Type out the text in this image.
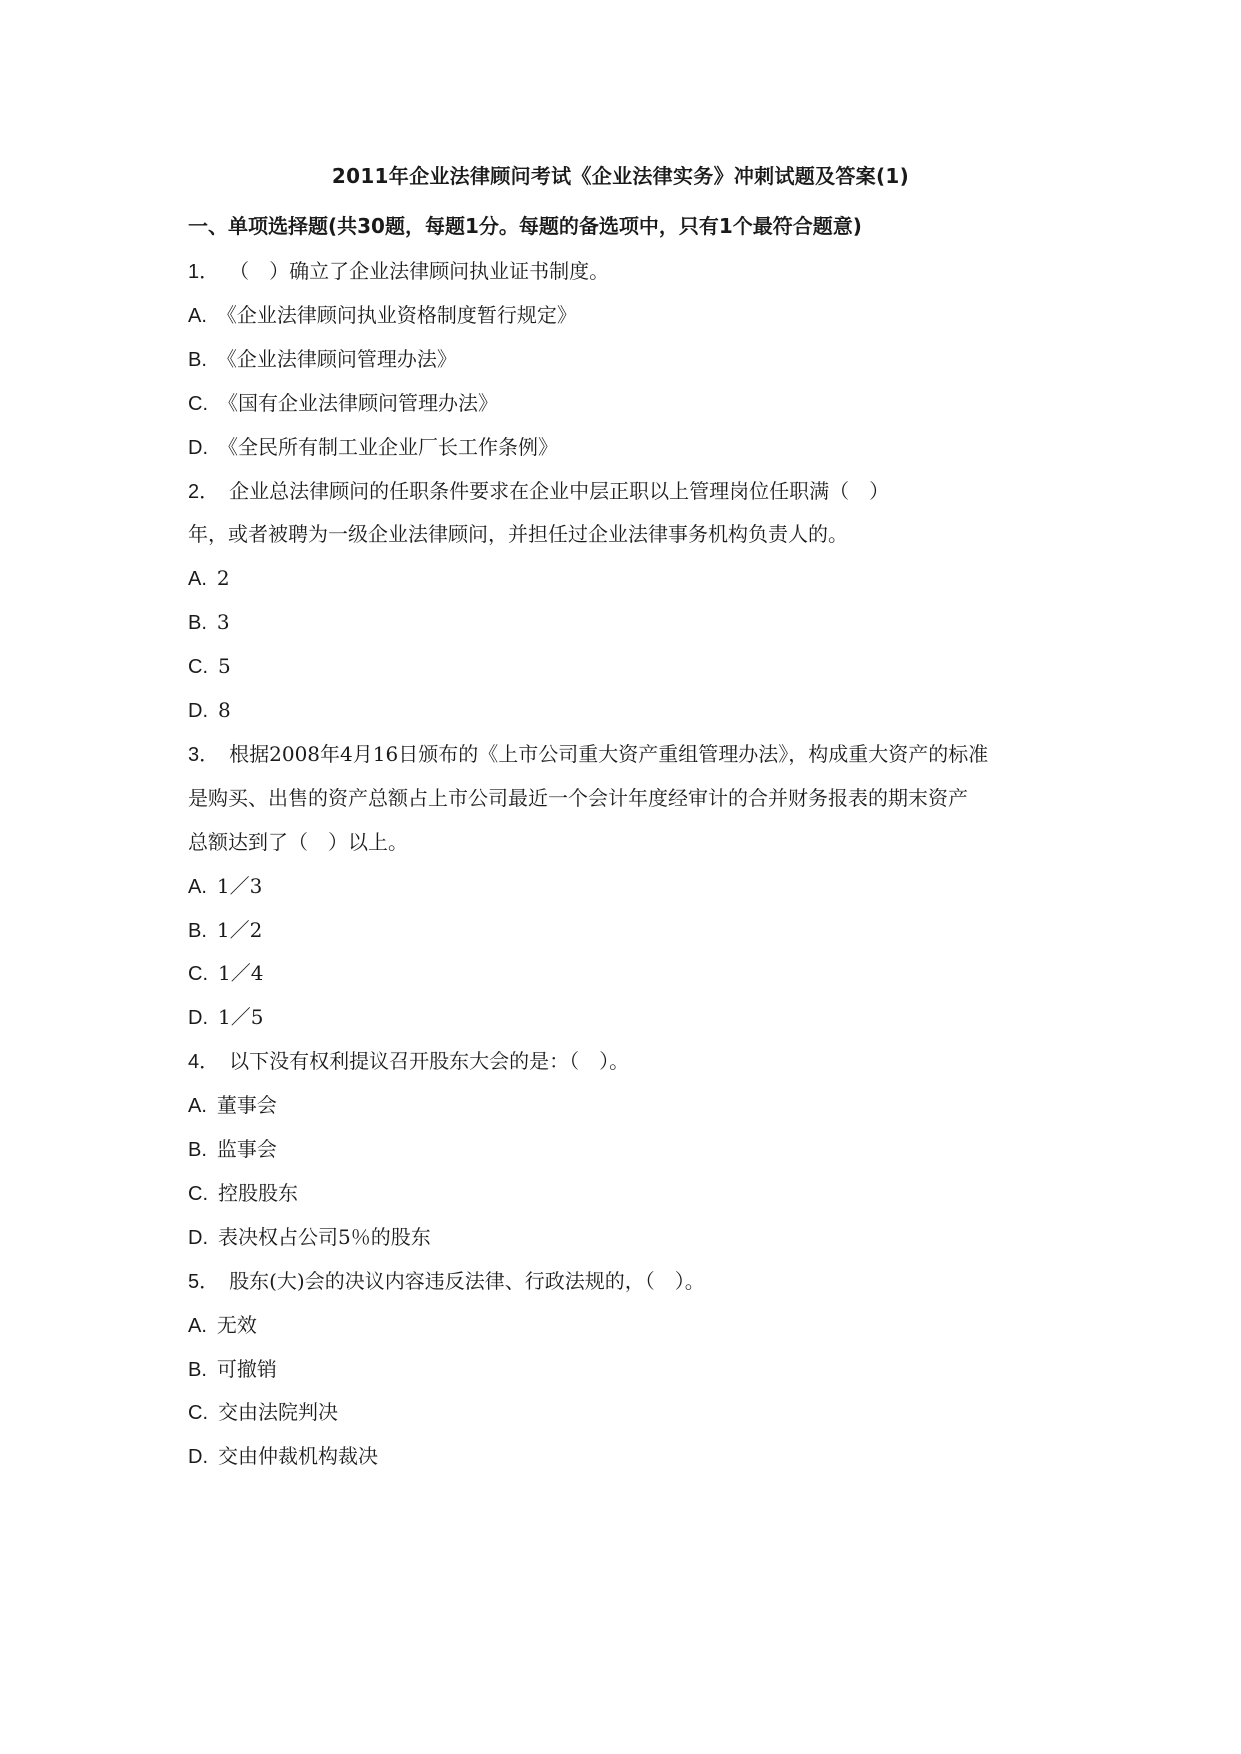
2011年企业法律顾问考试《企业法律实务》冲刺试题及答案(1)
一、单项选择题(共30题，每题1分。每题的备选项中，只有1个最符合题意)
1． （　）确立了企业法律顾问执业证书制度。
A. 《企业法律顾问执业资格制度暂行规定》
B. 《企业法律顾问管理办法》
C. 《国有企业法律顾问管理办法》
D. 《全民所有制工业企业厂长工作条例》
2． 企业总法律顾问的任职条件要求在企业中层正职以上管理岗位任职满（　）
年，或者被聘为一级企业法律顾问，并担任过企业法律事务机构负责人的。
A. 2
B. 3
C. 5
D. 8
3． 根据2008年4月16日颁布的《上市公司重大资产重组管理办法》，构成重大资产的标准
是购买、出售的资产总额占上市公司最近一个会计年度经审计的合并财务报表的期末资产
总额达到了（　）以上。
A. 1／3
B. 1／2
C. 1／4
D. 1／5
4． 以下没有权利提议召开股东大会的是：（　）。
A. 董事会
B. 监事会
C. 控股股东
D. 表决权占公司5％的股东
5． 股东(大)会的决议内容违反法律、行政法规的，（　）。
A. 无效
B. 可撤销
C. 交由法院判决
D. 交由仲裁机构裁决
